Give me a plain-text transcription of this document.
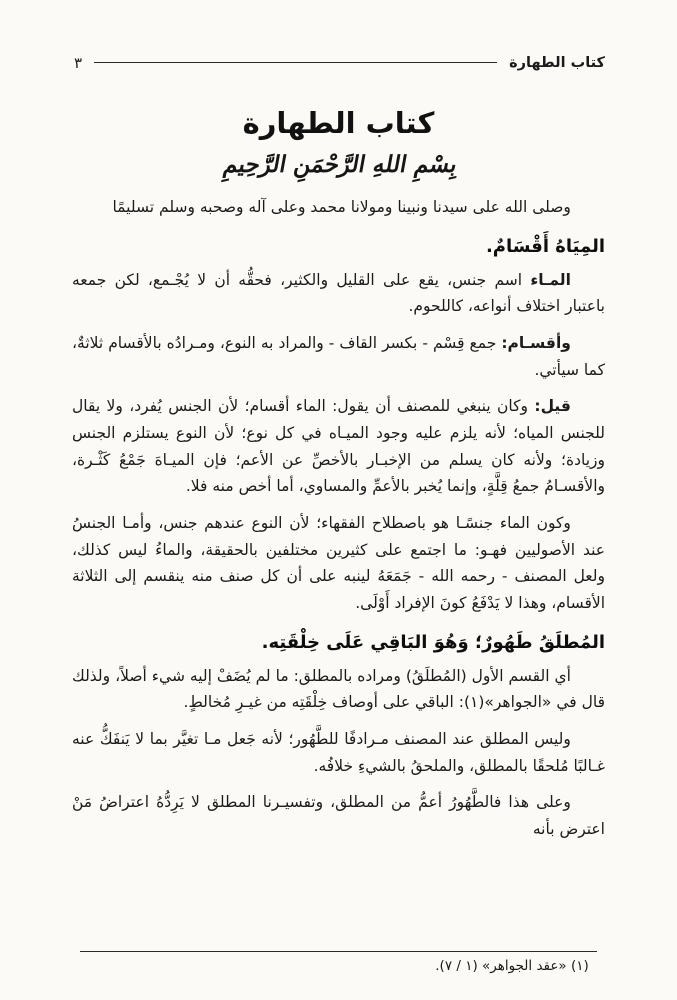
كتاب الطهارة
٣
كتاب الطهارة
بِسْمِ اللهِ الرَّحْمَنِ الرَّحِيمِ

وصلى الله على سيدنا ونبينا ومولانا محمد وعلى آله وصحبه وسلم تسليمًا

المِيَاهُ أَقْسَامٌ.

المـاء اسم جنس، يقع على القليل والكثير، فحقُّه أن لا يُجْـمع، لكن جمعه باعتبار اختلاف أنواعه، كاللحوم.

وأقسـام: جمع قِسْم - بكسر القاف - والمراد به النوع، ومـرادُه بالأقسام ثلاثةٌ، كما سيأتي.

قيل: وكان ينبغي للمصنف أن يقول: الماء أقسام؛ لأن الجنس يُفرد، ولا يقال للجنس المياه؛ لأنه يلزم عليه وجود الميـاه في كل نوع؛ لأن النوع يستلزم الجنس وزيادة؛ ولأنه كان يسلم من الإخبـار بالأخصِّ عن الأعم؛ فإن الميـاهَ جَمْعُ كَثْـرة، والأقسـامُ جمعُ قِلَّةٍ، وإنما يُخبر بالأعمِّ والمساوي، أما أخص منه فلا.

وكون الماء جنسًـا هو باصطلاح الفقهاء؛ لأن النوع عندهم جنس، وأمـا الجنسُ عند الأصوليين فهـو: ما اجتمع على كثيرين مختلفين بالحقيقة، والماءُ ليس كذلك، ولعل المصنف - رحمه الله - جَمَعَهُ لينبه على أن كل صنف منه ينقسم إلى الثلاثة الأقسام، وهذا لا يَدْفَعُ كونَ الإفراد أَوْلَى.

المُطلَقُ طَهُورٌ؛ وَهُوَ البَاقِي عَلَى خِلْقَتِه.

أي القسم الأول (المُطلَقُ) ومراده بالمطلق: ما لم يُضَفْ إليه شيء أصلاً، ولذلك قال في «الجواهر»(١): الباقي على أوصاف خِلْقَتِه من غيـرِ مُخالطٍ.

وليس المطلق عند المصنف مـرادفًا للطَّهُور؛ لأنه جَعل مـا تغيَّر بما لا يَنفَكُّ عنه غـالبًا مُلحقًا بالمطلق، والملحقُ بالشيءِ خلافُه.

وعلى هذا فالطَّهُورُ أعمُّ من المطلق، وتفسيـرنا المطلق لا يَرِدُّهُ اعتراضُ مَنْ اعترض بأنه

(١) «عقد الجواهر» (١ / ٧).
